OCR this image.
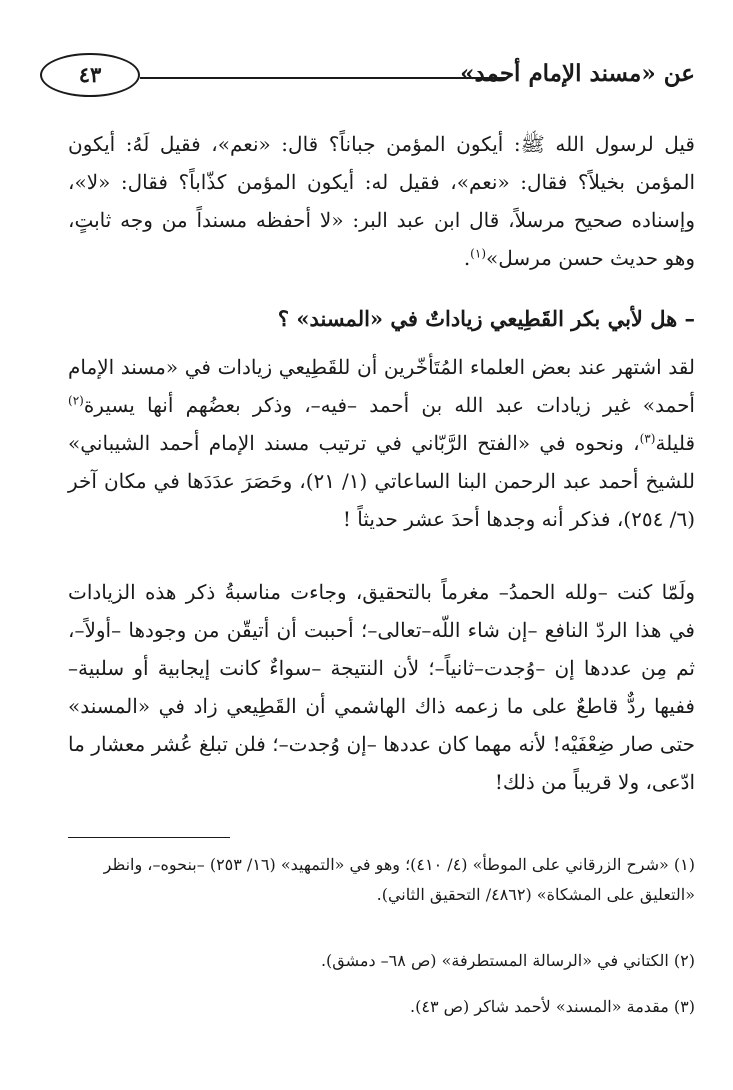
عن «مسند الإمام أحمد»
٤٣

قيل لرسول الله ﷺ: أيكون المؤمن جباناً؟ قال: «نعم»، فقيل لَهُ: أيكون المؤمن بخيلاً؟ فقال: «نعم»، فقيل له: أيكون المؤمن كذّاباً؟ فقال: «لا»، وإسناده صحيح مرسلاً، قال ابن عبد البر: «لا أحفظه مسنداً من وجه ثابتٍ، وهو حديث حسن مرسل»$^{(١)}$.

– هل لأبي بكر القَطِيعي زياداتٌ في «المسند» ؟

لقد اشتهر عند بعض العلماء المُتَأخّرين أن للقَطِيعي زيادات في «مسند الإمام أحمد» غير زيادات عبد الله بن أحمد –فيه–، وذكر بعضُهم أنها يسيرة$^{(٢)}$ قليلة$^{(٣)}$، ونحوه في «الفتح الرَّبّاني في ترتيب مسند الإمام أحمد الشيباني» للشيخ أحمد عبد الرحمن البنا الساعاتي (١/ ٢١)، وحَصَرَ عدَدَها في مكان آخر (٦/ ٢٥٤)، فذكر أنه وجدها أحدَ عشر حديثاً !

ولَمّا كنت –ولله الحمدُ– مغرماً بالتحقيق، وجاءت مناسبةُ ذكر هذه الزيادات في هذا الردّ النافع –إن شاء اللّه–تعالى–؛ أحببت أن أتيقّن من وجودها –أولاً–، ثم مِن عددها إن –وُجدت–ثانياً–؛ لأن النتيجة –سواءٌ كانت إيجابية أو سلبية– ففيها ردٌّ قاطعٌ على ما زعمه ذاك الهاشمي أن القَطِيعي زاد في «المسند» حتى صار ضِعْفَيْه! لأنه مهما كان عددها –إن وُجدت–؛ فلن تبلغ عُشر معشار ما ادّعى، ولا قريباً من ذلك!

(١) «شرح الزرقاني على الموطأ» (٤/ ٤١٠)؛ وهو في «التمهيد» (١٦/ ٢٥٣) –بنحوه–، وانظر «التعليق على المشكاة» (٤٨٦٢/ التحقيق الثاني).

(٢) الكتاني في «الرسالة المستطرفة» (ص ٦٨– دمشق).

(٣) مقدمة «المسند» لأحمد شاكر (ص ٤٣).
